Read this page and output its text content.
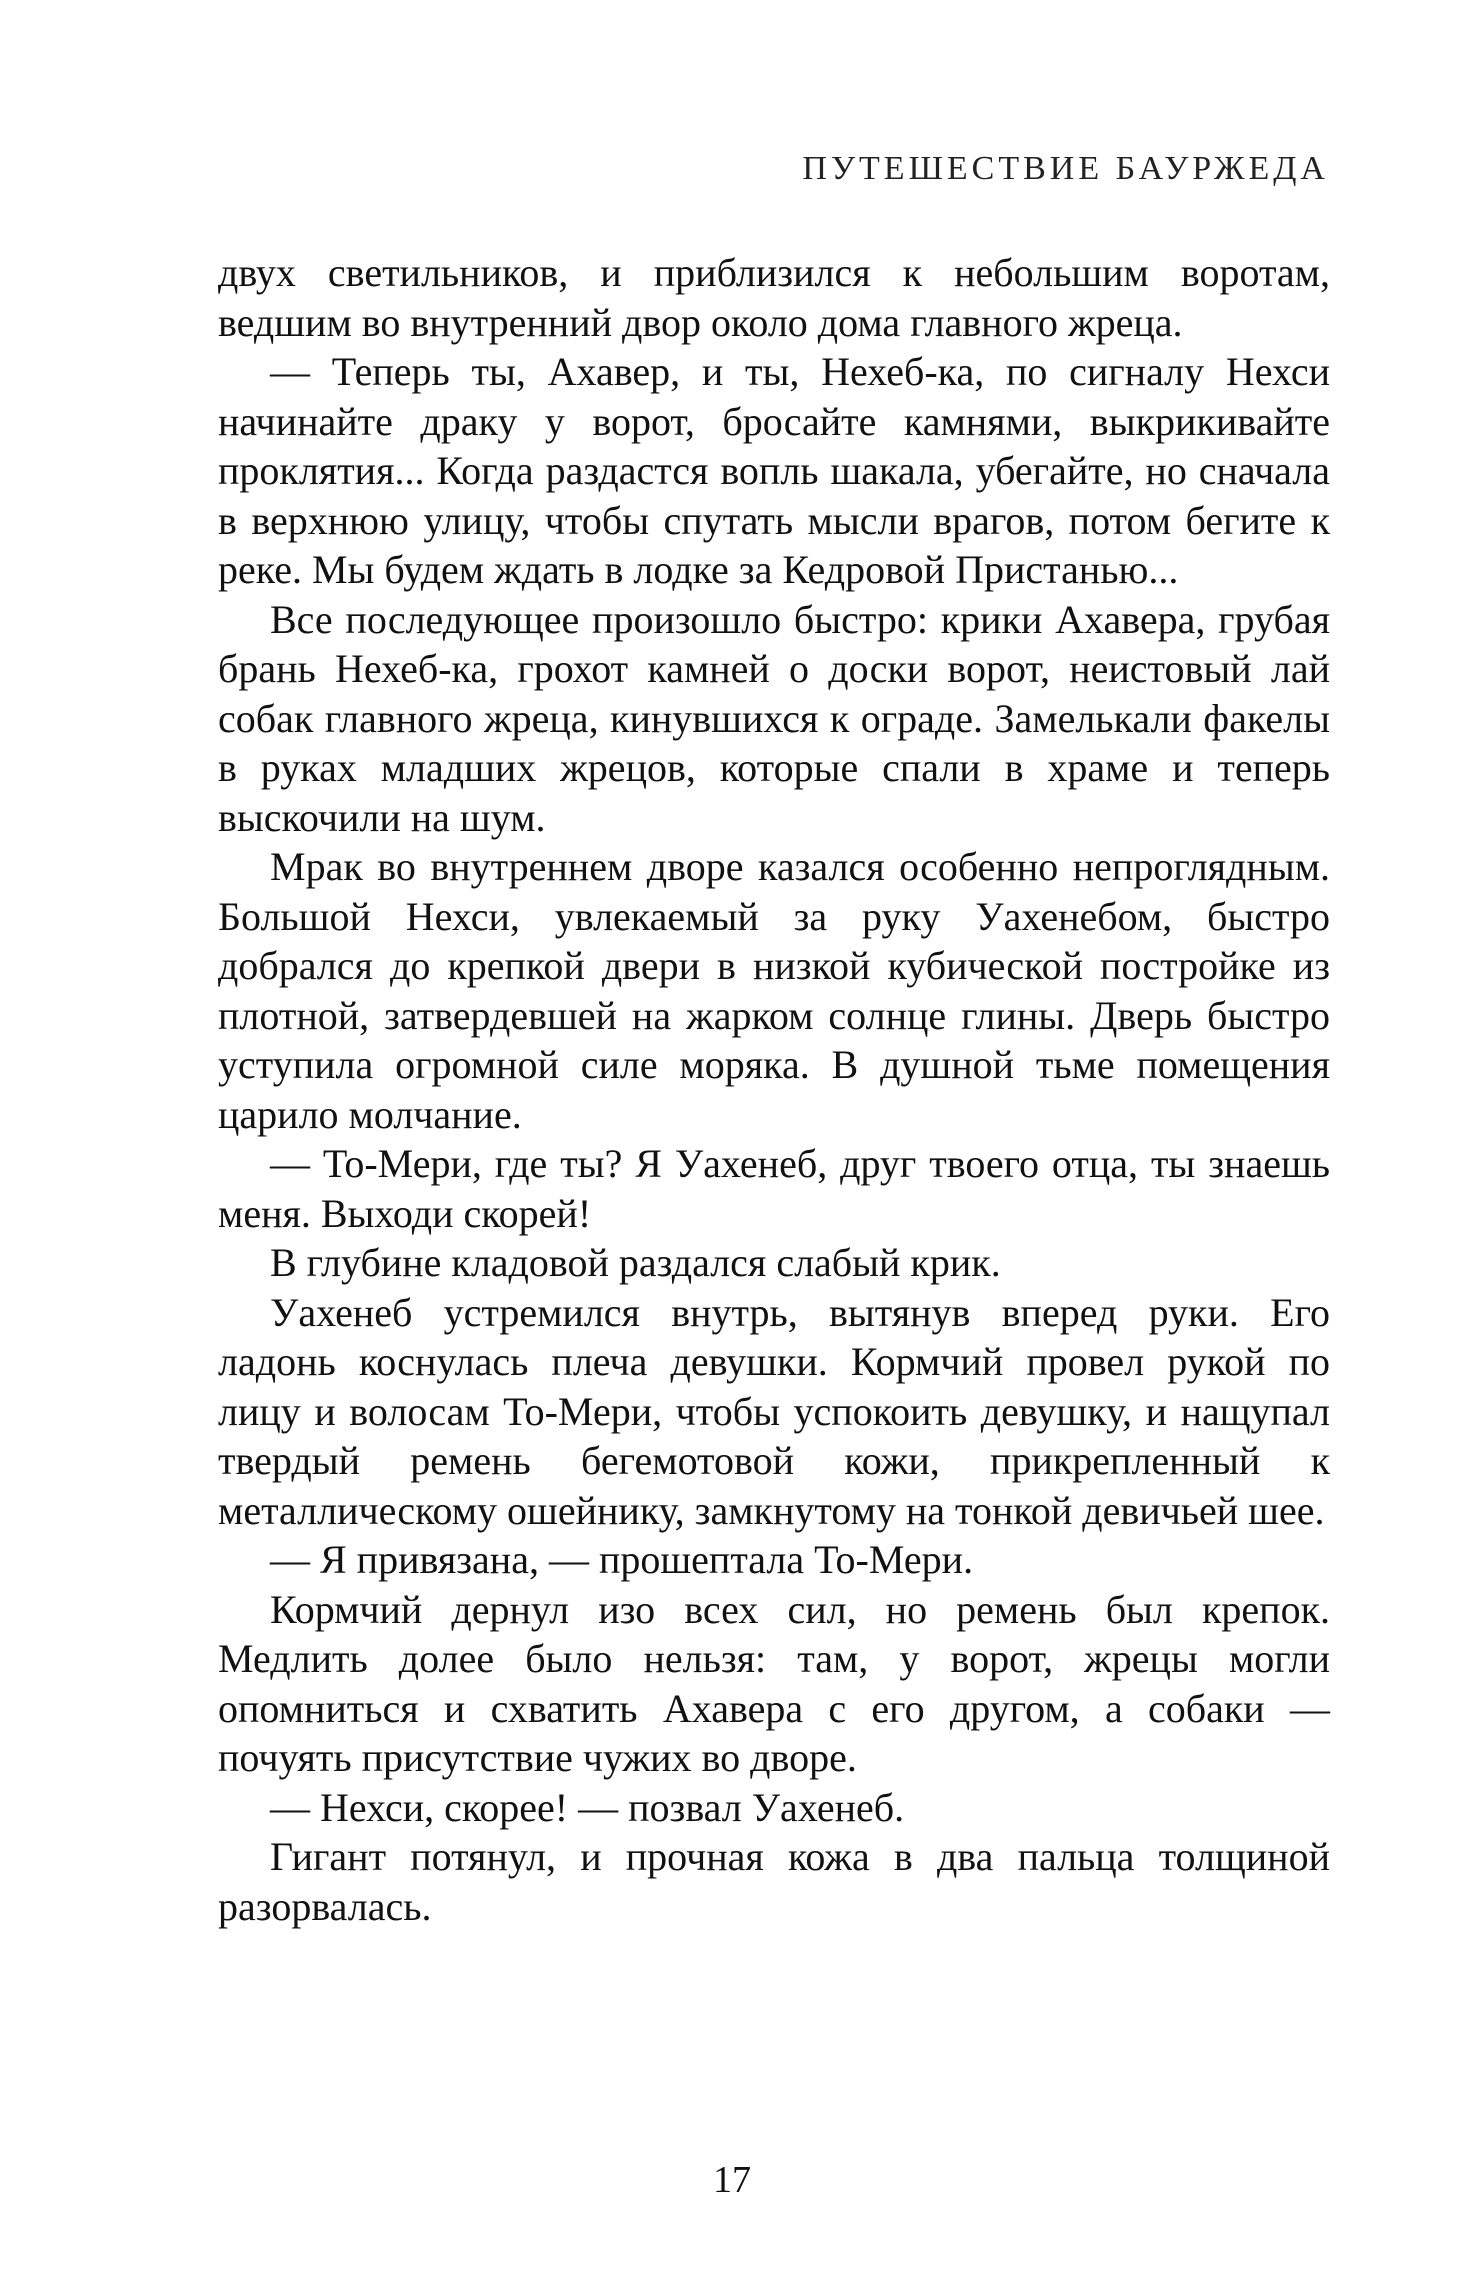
ПУТЕШЕСТВИЕ БАУРЖЕДА

двух светильников, и приблизился к небольшим воротам, ведшим во внутренний двор около дома главного жреца.

— Теперь ты, Ахавер, и ты, Нехеб-ка, по сигналу Нехси начинайте драку у ворот, бросайте камнями, выкрикивайте проклятия... Когда раздастся вопль шакала, убегайте, но сначала в верхнюю улицу, чтобы спутать мысли врагов, потом бегите к реке. Мы будем ждать в лодке за Кедровой Пристанью...

Все последующее произошло быстро: крики Ахавера, грубая брань Нехеб-ка, грохот камней о доски ворот, неистовый лай собак главного жреца, кинувшихся к ограде. Замелькали факелы в руках младших жрецов, которые спали в храме и теперь выскочили на шум.

Мрак во внутреннем дворе казался особенно непроглядным. Большой Нехси, увлекаемый за руку Уахенебом, быстро добрался до крепкой двери в низкой кубической постройке из плотной, затвердевшей на жарком солнце глины. Дверь быстро уступила огромной силе моряка. В душной тьме помещения царило молчание.

— То-Мери, где ты? Я Уахенеб, друг твоего отца, ты знаешь меня. Выходи скорей!

В глубине кладовой раздался слабый крик.

Уахенеб устремился внутрь, вытянув вперед руки. Его ладонь коснулась плеча девушки. Кормчий провел рукой по лицу и волосам То-Мери, чтобы успокоить девушку, и нащупал твердый ремень бегемотовой кожи, прикрепленный к металлическому ошейнику, замкнутому на тонкой девичьей шее.

— Я привязана, — прошептала То-Мери.

Кормчий дернул изо всех сил, но ремень был крепок. Медлить долее было нельзя: там, у ворот, жрецы могли опомниться и схватить Ахавера с его другом, а собаки — почуять присутствие чужих во дворе.

— Нехси, скорее! — позвал Уахенеб.

Гигант потянул, и прочная кожа в два пальца толщиной разорвалась.

17
